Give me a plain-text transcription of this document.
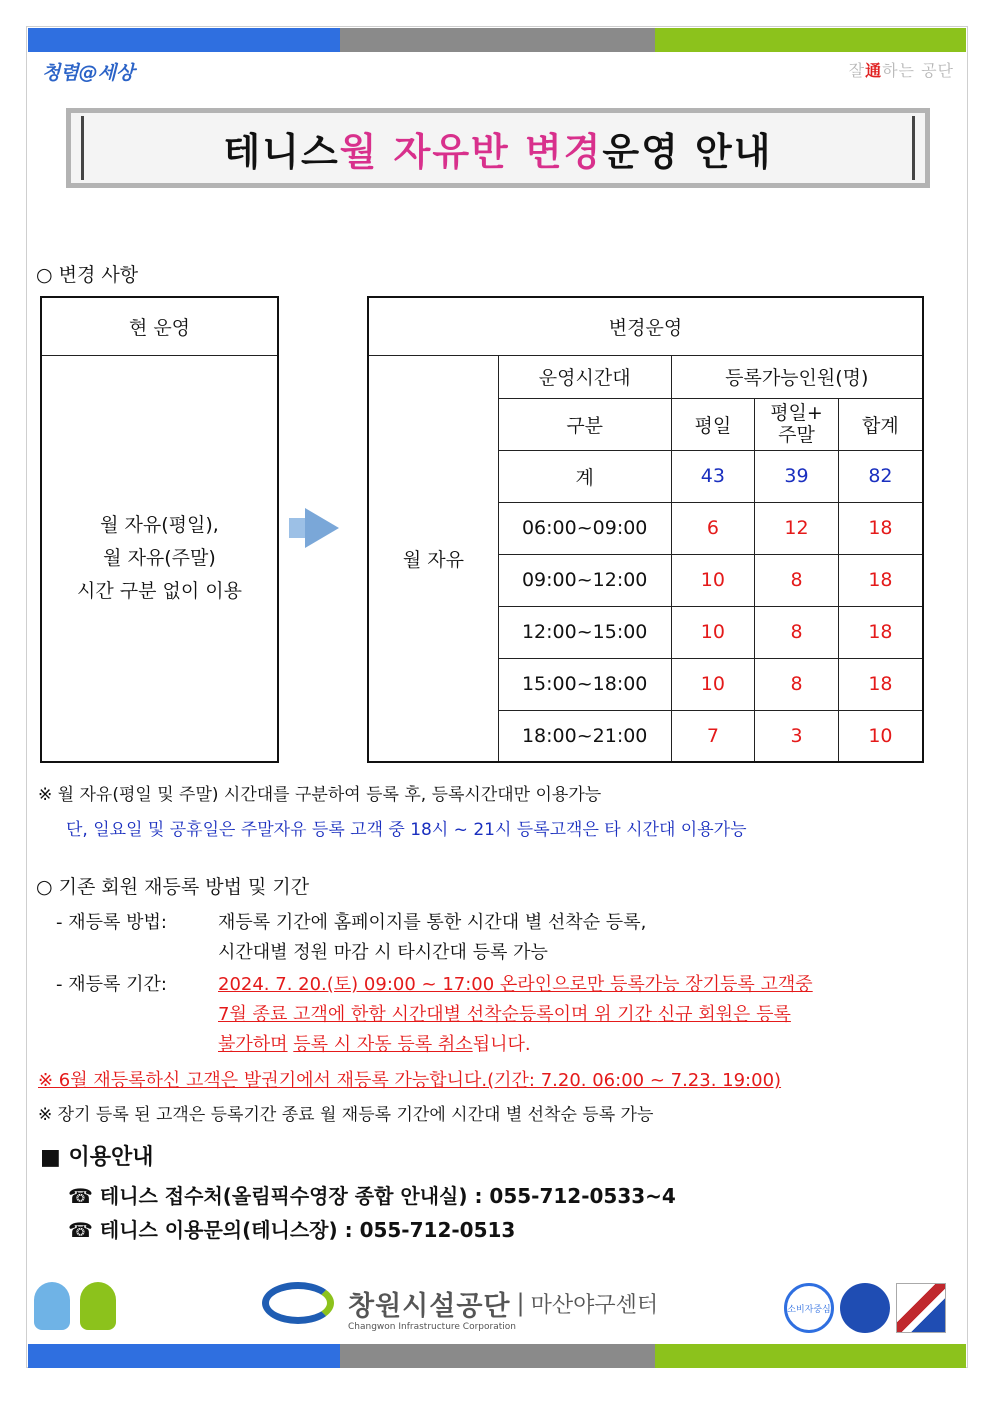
청렴@세상	잘通하는 공단
테니스 월 자유반 변경 운영 안내
○ 변경 사항
현 운영

월 자유(평일),
월 자유(주말)
시간 구분 없이 이용
변경운영				
월 자유	운영시간대	등록가능인원(명)		
	구분	평일	평일+
주말	합계
	계	43	39	82
	06:00~09:00	6	12	18
	09:00~12:00	10	8	18
	12:00~15:00	10	8	18
	15:00~18:00	10	8	18
	18:00~21:00	7	3	10
※ 월 자유(평일 및 주말) 시간대를 구분하여 등록 후, 등록시간대만 이용가능
단, 일요일 및 공휴일은 주말자유 등록 고객 중 18시 ~ 21시 등록고객은 타 시간대 이용가능
○ 기존 회원 재등록 방법 및 기간
- 재등록 방법:	재등록 기간에 홈페이지를 통한 시간대 별 선착순 등록,
시간대별 정원 마감 시 타시간대 등록 가능
- 재등록 기간:	2024. 7. 20.(토) 09:00 ~ 17:00 온라인으로만 등록가능 장기등록 고객중
7월 종료 고객에 한함 시간대별 선착순등록이며 위 기간 신규 회원은 등록
불가하며 등록 시 자동 등록 취소됩니다.
※ 6월 재등록하신 고객은 발권기에서 재등록 가능합니다.(기간: 7.20. 06:00 ~ 7.23. 19:00)
※ 장기 등록 된 고객은 등록기간 종료 월 재등록 기간에 시간대 별 선착순 등록 가능
■ 이용안내
☎ 테니스 접수처(올림픽수영장 종합 안내실) : 055-712-0533~4
☎ 테니스 이용문의(테니스장) : 055-712-0513
창원시설공단 | 마산야구센터
Changwon Infrastructure Corporation
소비자중심
